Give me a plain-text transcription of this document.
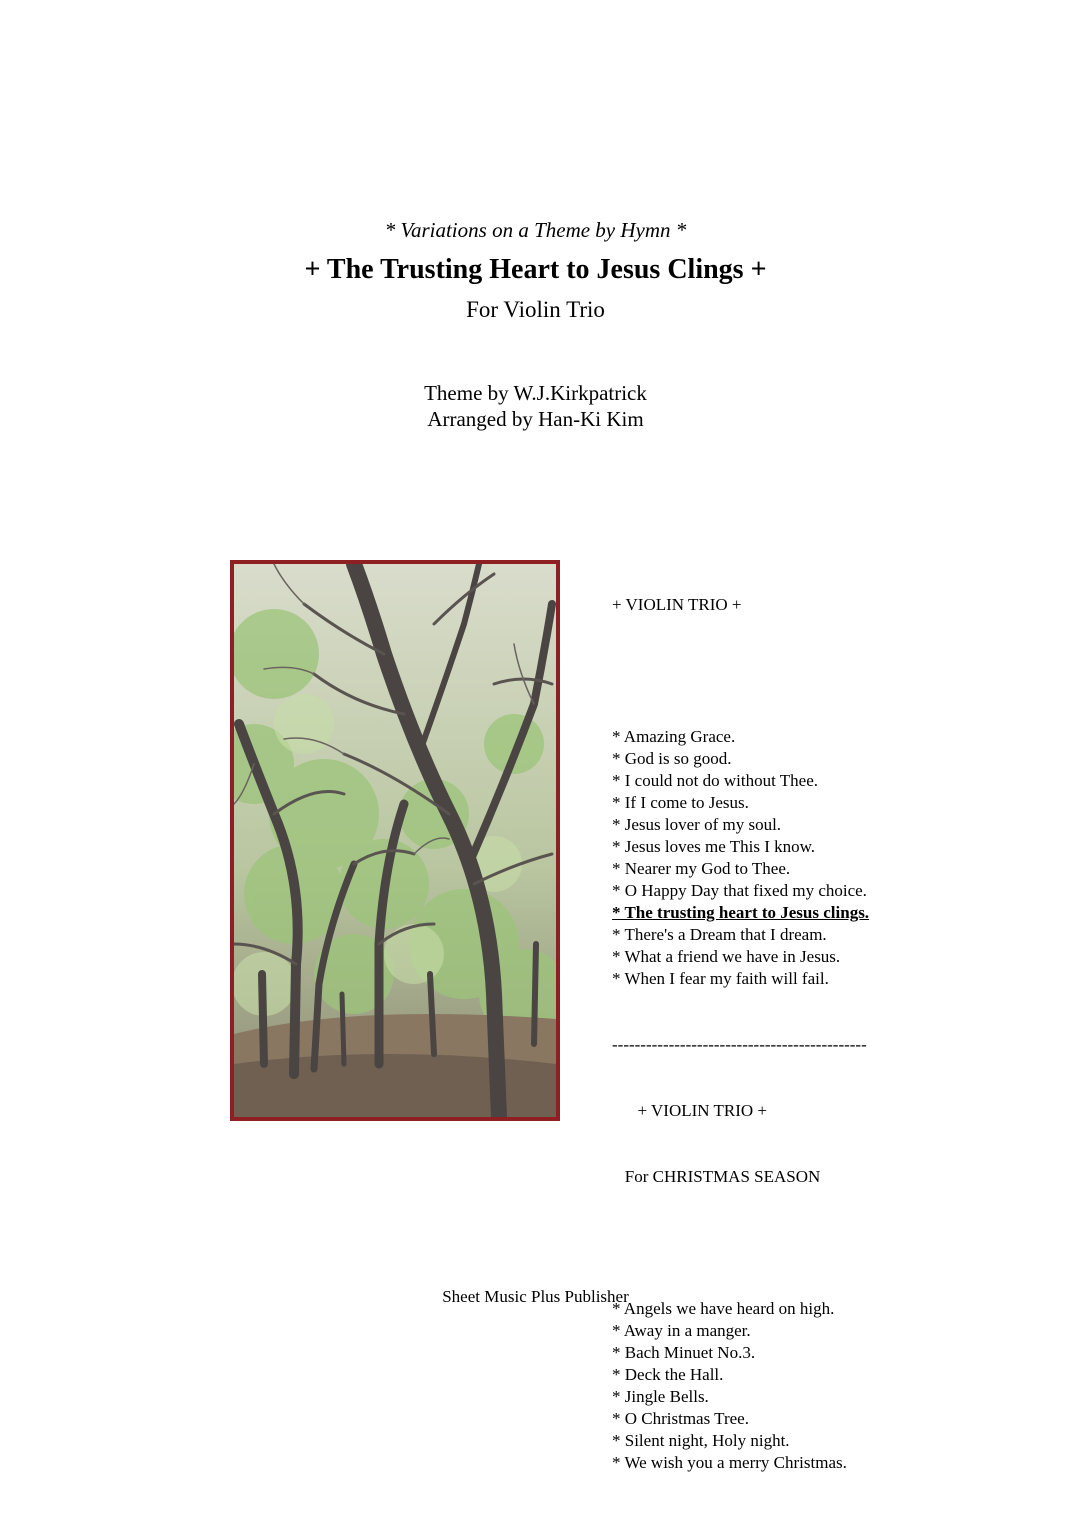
* Variations on a Theme by Hymn *
+ The Trusting Heart to Jesus Clings +
For Violin Trio
Theme by W.J.Kirkpatrick
Arranged by Han-Ki Kim

+ VIOLIN TRIO +

* Amazing Grace.
* God is so good.
* I could not do without Thee.
* If I come to Jesus.
* Jesus lover of my soul.
* Jesus loves me This I know.
* Nearer my God to Thee.
* O Happy Day that fixed my choice.
* The trusting heart to Jesus clings.
* There's a Dream that I dream.
* What a friend we have in Jesus.
* When I fear my faith will fail.

---------------------------------------------

+ VIOLIN TRIO +

For CHRISTMAS SEASON

* Angels we have heard on high.
* Away in a manger.
* Bach Minuet No.3.
* Deck the Hall.
* Jingle Bells.
* O Christmas Tree.
* Silent night, Holy night.
* We wish you a merry Christmas.

Sheet Music Plus Publisher
